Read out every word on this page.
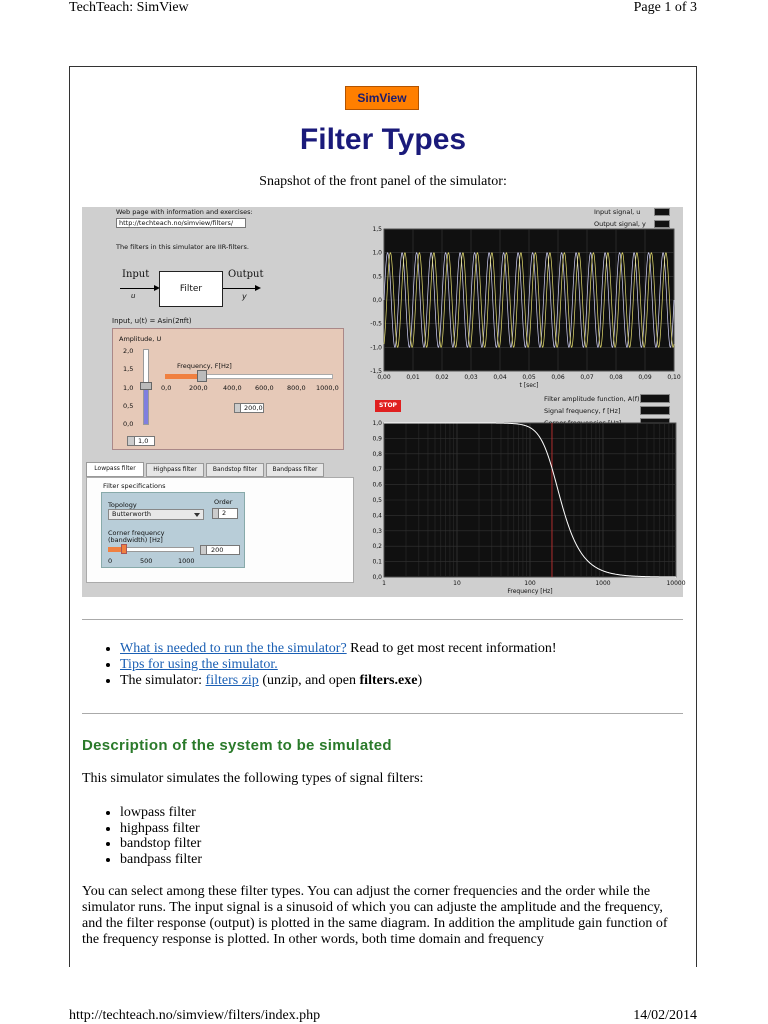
TechTeach: SimView	Page 1 of 3
SimView
Filter Types
Snapshot of the front panel of the simulator:
Web page with information and exercises:
http://techteach.no/simview/filters/
The filters in this simulator are IIR-filters.
Input
u
Filter
Output
y
Input, u(t) = Asin(2πft)
Amplitude, U
2,0
1,5
1,0
0,5
0,0
1,0
Frequency, F[Hz]
0,0	200,0 400,0 600,0 800,0 1000,0
200,0
Lowpass filter	Highpass filter	Bandstop filter	Bandpass filter
Filter specifications
Topology
Butterworth
Order
2
Corner frequency (bandwidth) [Hz]
0	500	1000
200
Input signal, u
Output signal, y
STOP
Filter amplitude function, A(f)
Signal frequency, f [Hz]
0,00	0,01	0,02	0,03	0,04	0,05	0,06	0,07	0,08	0,09	0,10
1,5
1,0
0,5
0,0
-0,5
-1,0
-1,5
t [sec]
1	10	100	1000	10000
1,0
0,9
0,8
0,7
0,6
0,5
0,4
0,3
0,2
0,1
0,0
Frequency [Hz]
• What is needed to run the the simulator? Read to get most recent information!
• Tips for using the simulator.
• The simulator: filters zip (unzip, and open filters.exe)
Description of the system to be simulated
This simulator simulates the following types of signal filters:
• lowpass filter
• highpass filter
• bandstop filter
• bandpass filter
You can select among these filter types. You can adjust the corner frequencies and the order while the simulator runs. The input signal is a sinusoid of which you can adjuste the amplitude and the frequency, and the filter response (output) is plotted in the same diagram. In addition the amplitude gain function of the frequency response is plotted. In other words, both time domain and frequency
http://techteach.no/simview/filters/index.php	14/02/2014
